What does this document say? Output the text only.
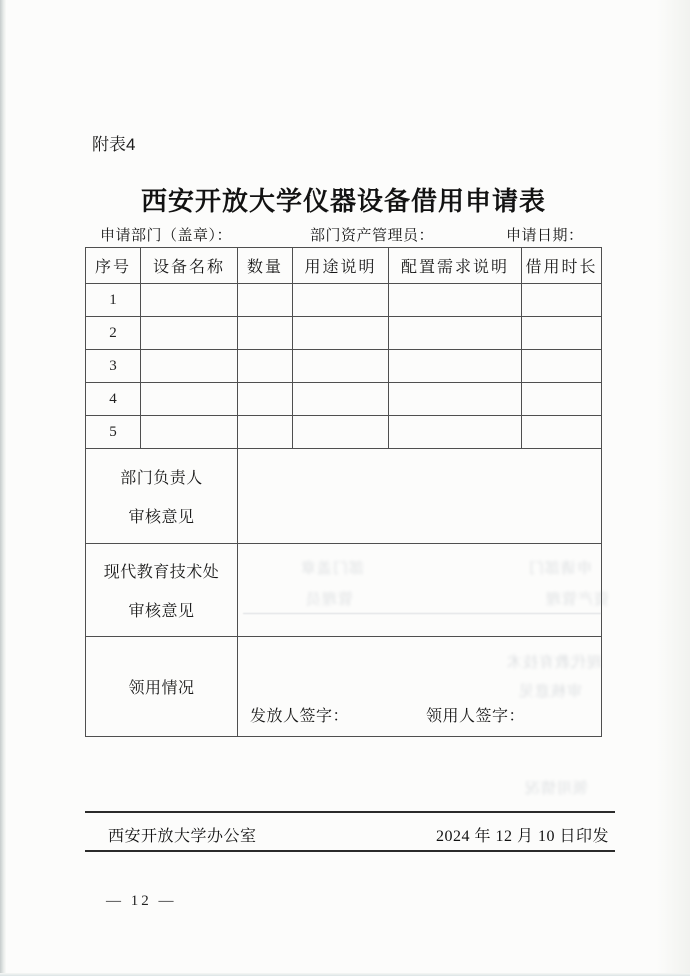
附表4
西安开放大学仪器设备借用申请表
申请部门（盖章）：	部门资产管理员：	申请日期：
序号	设备名称	数量	用途说明	配置需求说明	借用时长
1					
2					
3					
4					
5					

部门负责人
审核意见					

现代教育技术处
审核意见					

领用情况		发放人签字： 领用人签字：			
西安开放大学办公室	2024 年 12 月 10 日印发
— 12 —
部门盖章
管理员
申请部门
资产管理
现代教育技术
审核意见
领用情况
